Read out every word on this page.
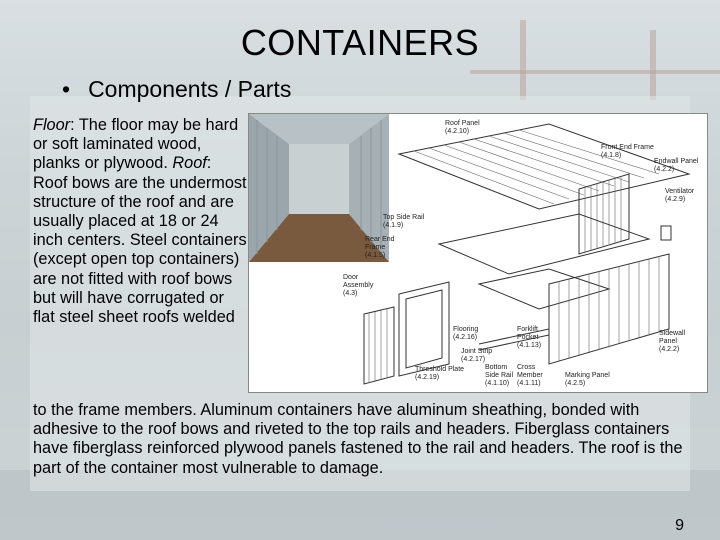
CONTAINERS
• Components / Parts
Floor: The floor may be hard or soft laminated wood, planks or plywood. Roof: Roof bows are the undermost structure of the roof and are usually placed at 18 or 24 inch centers. Steel containers (except open top containers) are not fitted with roof bows but will have corrugated or flat steel sheet roofs welded
to the frame members. Aluminum containers have aluminum sheathing, bonded with adhesive to the roof bows and riveted to the top rails and headers. Fiberglass containers have fiberglass reinforced plywood panels fastened to the rail and headers. The roof is the part of the container most vulnerable to damage.
Roof Panel
(4.2.10)
Front End Frame
(4.1.8)
Endwall Panel
(4.2.2)
Ventilator
(4.2.9)
Top Side Rail
(4.1.9)
Rear End
Frame
(4.1.5)
Door
Assembly
(4.3)
Flooring
(4.2.16)
Forklift
Pocket
(4.1.13)
Sidewall
Panel
(4.2.2)
Joint Strip
(4.2.17)
Threshold Plate
(4.2.19)
Bottom
Side Rail
(4.1.10)
Cross
Member
(4.1.11)
Marking Panel
(4.2.5)
9
